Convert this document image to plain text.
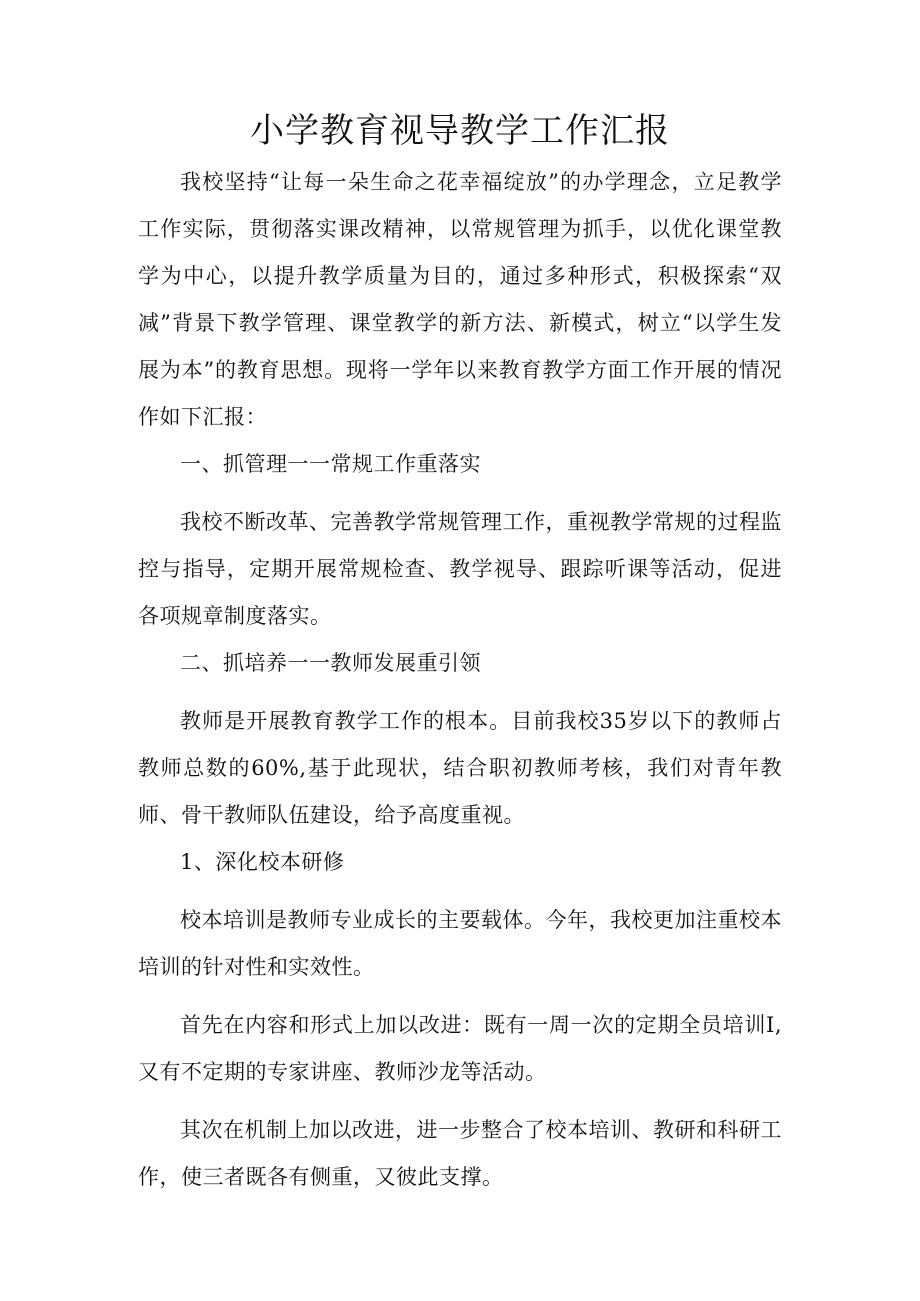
小学教育视导教学工作汇报

我校坚持“让每一朵生命之花幸福绽放”的办学理念，立足教学工作实际，贯彻落实课改精神，以常规管理为抓手，以优化课堂教学为中心，以提升教学质量为目的，通过多种形式，积极探索“双减”背景下教学管理、课堂教学的新方法、新模式，树立“以学生发展为本”的教育思想。现将一学年以来教育教学方面工作开展的情况作如下汇报：

一、抓管理一一常规工作重落实

我校不断改革、完善教学常规管理工作，重视教学常规的过程监控与指导，定期开展常规检查、教学视导、跟踪听课等活动，促进各项规章制度落实。

二、抓培养一一教师发展重引领

教师是开展教育教学工作的根本。目前我校35岁以下的教师占教师总数的60%,基于此现状，结合职初教师考核，我们对青年教师、骨干教师队伍建设，给予高度重视。

1、深化校本研修

校本培训是教师专业成长的主要载体。今年，我校更加注重校本培训的针对性和实效性。

首先在内容和形式上加以改进：既有一周一次的定期全员培训I,又有不定期的专家讲座、教师沙龙等活动。

其次在机制上加以改进，进一步整合了校本培训、教研和科研工作，使三者既各有侧重，又彼此支撑。
